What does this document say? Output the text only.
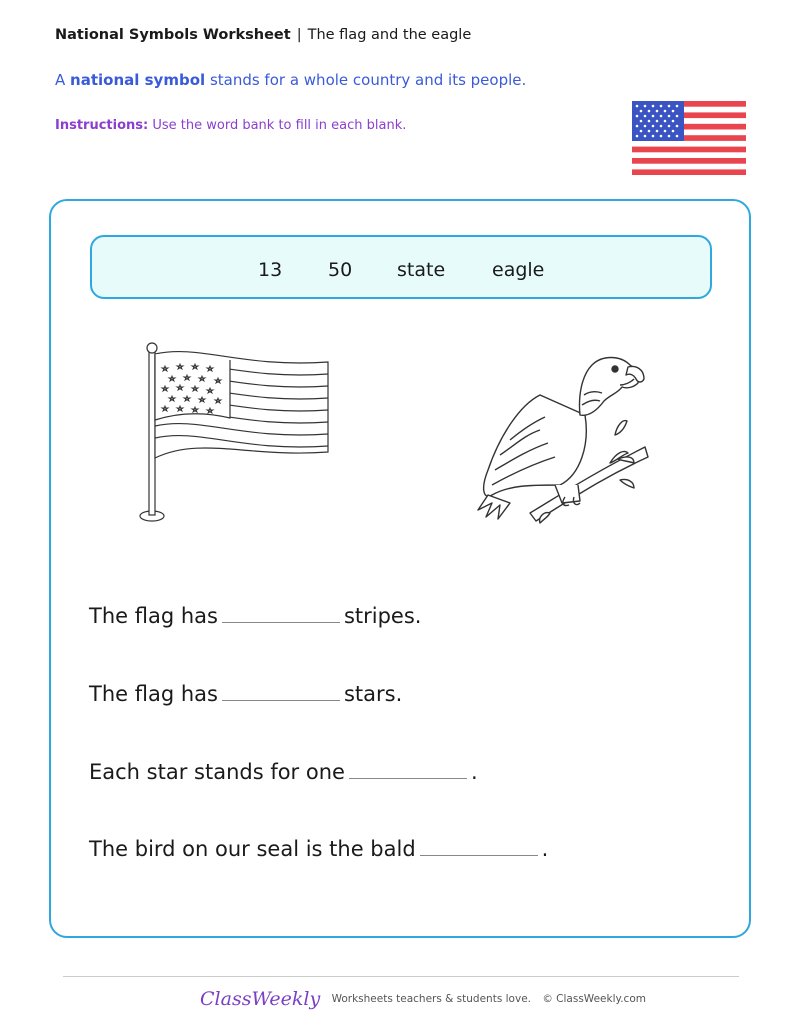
National Symbols Worksheet | The flag and the eagle
A national symbol stands for a whole country and its people.
Instructions: Use the word bank to fill in each blank.
13 50 state eagle
The flag has	stripes.
The flag has	stars.
Each star stands for one	.
The bird on our seal is the bald	.
ClassWeekly Worksheets teachers & students love. © ClassWeekly.com
